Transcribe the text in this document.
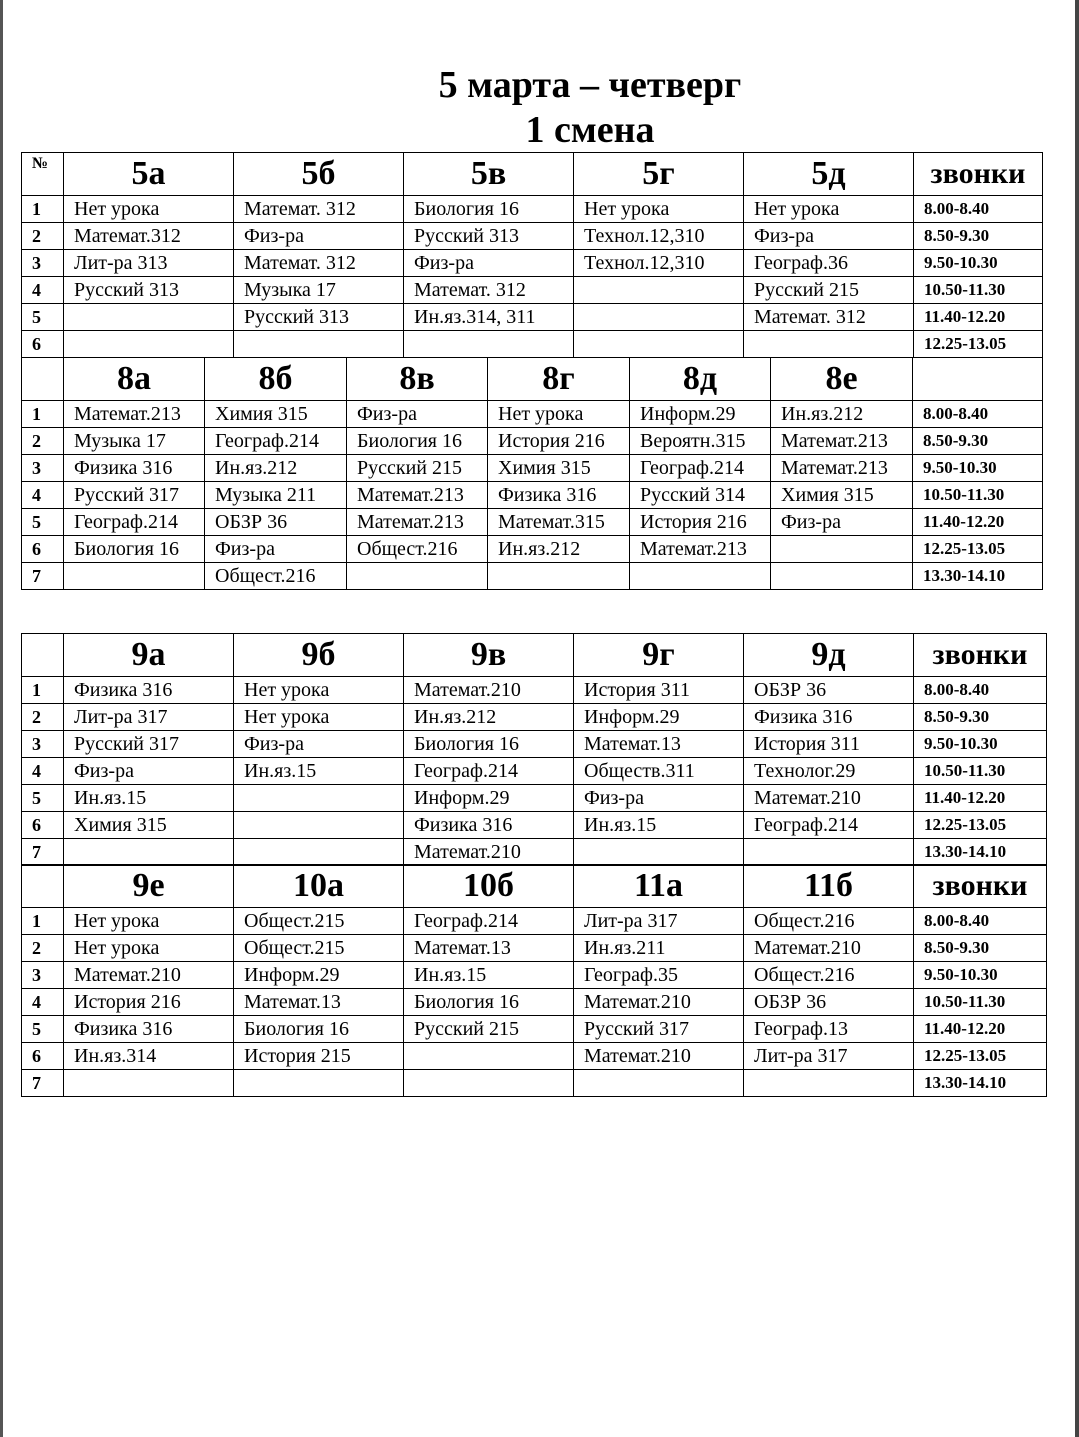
5 марта – четверг
1 смена
№	5а	5б	5в	5г	5д	звонки
1	Нет урока	Математ. 312	Биология 16	Нет урока	Нет урока	8.00-8.40
2	Математ.312	Физ-ра	Русский 313	Технол.12,310	Физ-ра	8.50-9.30
3	Лит-ра 313	Математ. 312	Физ-ра	Технол.12,310	Географ.36	9.50-10.30
4	Русский 313	Музыка 17	Математ. 312		Русский 215	10.50-11.30
5		Русский 313	Ин.яз.314, 311		Математ. 312	11.40-12.20
6						12.25-13.05
	8а	8б	8в	8г	8д	8е	
1	Математ.213	Химия 315	Физ-ра	Нет урока	Информ.29	Ин.яз.212	8.00-8.40
2	Музыка 17	Географ.214	Биология 16	История 216	Вероятн.315	Математ.213	8.50-9.30
3	Физика 316	Ин.яз.212	Русский 215	Химия 315	Географ.214	Математ.213	9.50-10.30
4	Русский 317	Музыка 211	Математ.213	Физика 316	Русский 314	Химия 315	10.50-11.30
5	Географ.214	ОБЗР 36	Математ.213	Математ.315	История 216	Физ-ра	11.40-12.20
6	Биология 16	Физ-ра	Общест.216	Ин.яз.212	Математ.213		12.25-13.05
7		Общест.216					13.30-14.10
	9а	9б	9в	9г	9д	звонки
1	Физика 316	Нет урока	Математ.210	История 311	ОБЗР 36	8.00-8.40
2	Лит-ра 317	Нет урока	Ин.яз.212	Информ.29	Физика 316	8.50-9.30
3	Русский 317	Физ-ра	Биология 16	Математ.13	История 311	9.50-10.30
4	Физ-ра	Ин.яз.15	Географ.214	Обществ.311	Технолог.29	10.50-11.30
5	Ин.яз.15		Информ.29	Физ-ра	Математ.210	11.40-12.20
6	Химия 315		Физика 316	Ин.яз.15	Географ.214	12.25-13.05
7			Математ.210			13.30-14.10
	9е	10а	10б	11а	11б	звонки
1	Нет урока	Общест.215	Географ.214	Лит-ра 317	Общест.216	8.00-8.40
2	Нет урока	Общест.215	Математ.13	Ин.яз.211	Математ.210	8.50-9.30
3	Математ.210	Информ.29	Ин.яз.15	Географ.35	Общест.216	9.50-10.30
4	История 216	Математ.13	Биология 16	Математ.210	ОБЗР 36	10.50-11.30
5	Физика 316	Биология 16	Русский 215	Русский 317	Географ.13	11.40-12.20
6	Ин.яз.314	История 215		Математ.210	Лит-ра 317	12.25-13.05
7						13.30-14.10
